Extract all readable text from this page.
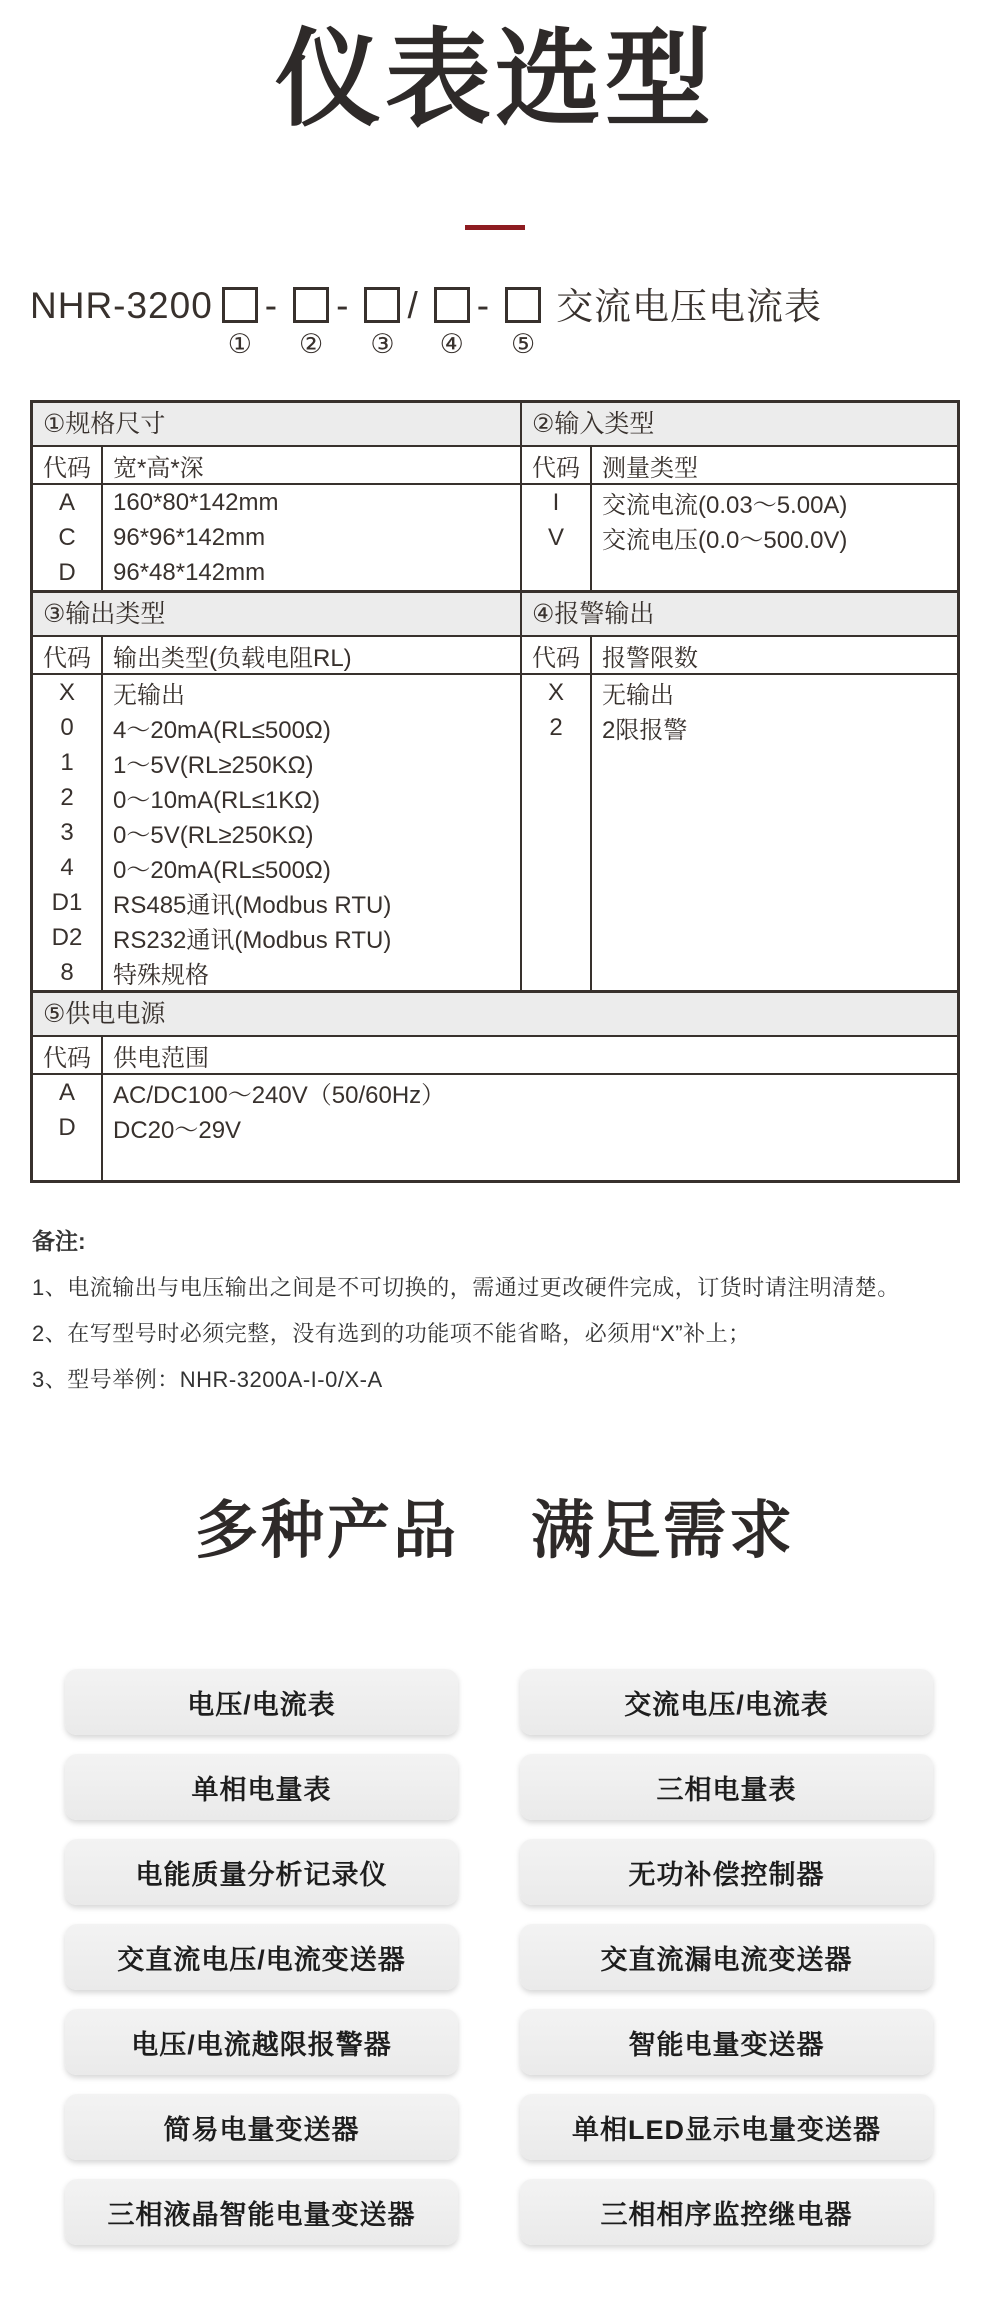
仪表选型
NHR-3200
①
-
②
-
③
/
④
-
⑤
交流电压电流表
①规格尺寸
代码 宽*高*深
A	160*80*142mm
C	96*96*142mm
D	96*48*142mm
②输入类型
代码 测量类型
I	交流电流(0.03～5.00A)
V	交流电压(0.0～500.0V)
③输出类型
代码 输出类型(负载电阻RL)
X	无输出
0	4～20mA(RL≤500Ω)
1	1～5V(RL≥250KΩ)
2	0～10mA(RL≤1KΩ)
3	0～5V(RL≥250KΩ)
4	0～20mA(RL≤500Ω)
D1	RS485通讯(Modbus RTU)
D2	RS232通讯(Modbus RTU)
8	特殊规格
④报警输出
代码 报警限数
X	无输出
2	2限报警
⑤供电电源
代码 供电范围
A	AC/DC100～240V（50/60Hz）
D	DC20～29V
备注:
1、电流输出与电压输出之间是不可切换的，需通过更改硬件完成，订货时请注明清楚。
2、在写型号时必须完整，没有选到的功能项不能省略，必须用“X”补上；
3、型号举例：NHR-3200A-I-0/X-A
多种产品 满足需求
电压/电流表
单相电量表
电能质量分析记录仪
交直流电压/电流变送器
电压/电流越限报警器
简易电量变送器
三相液晶智能电量变送器
交流电压/电流表
三相电量表
无功补偿控制器
交直流漏电流变送器
智能电量变送器
单相LED显示电量变送器
三相相序监控继电器
